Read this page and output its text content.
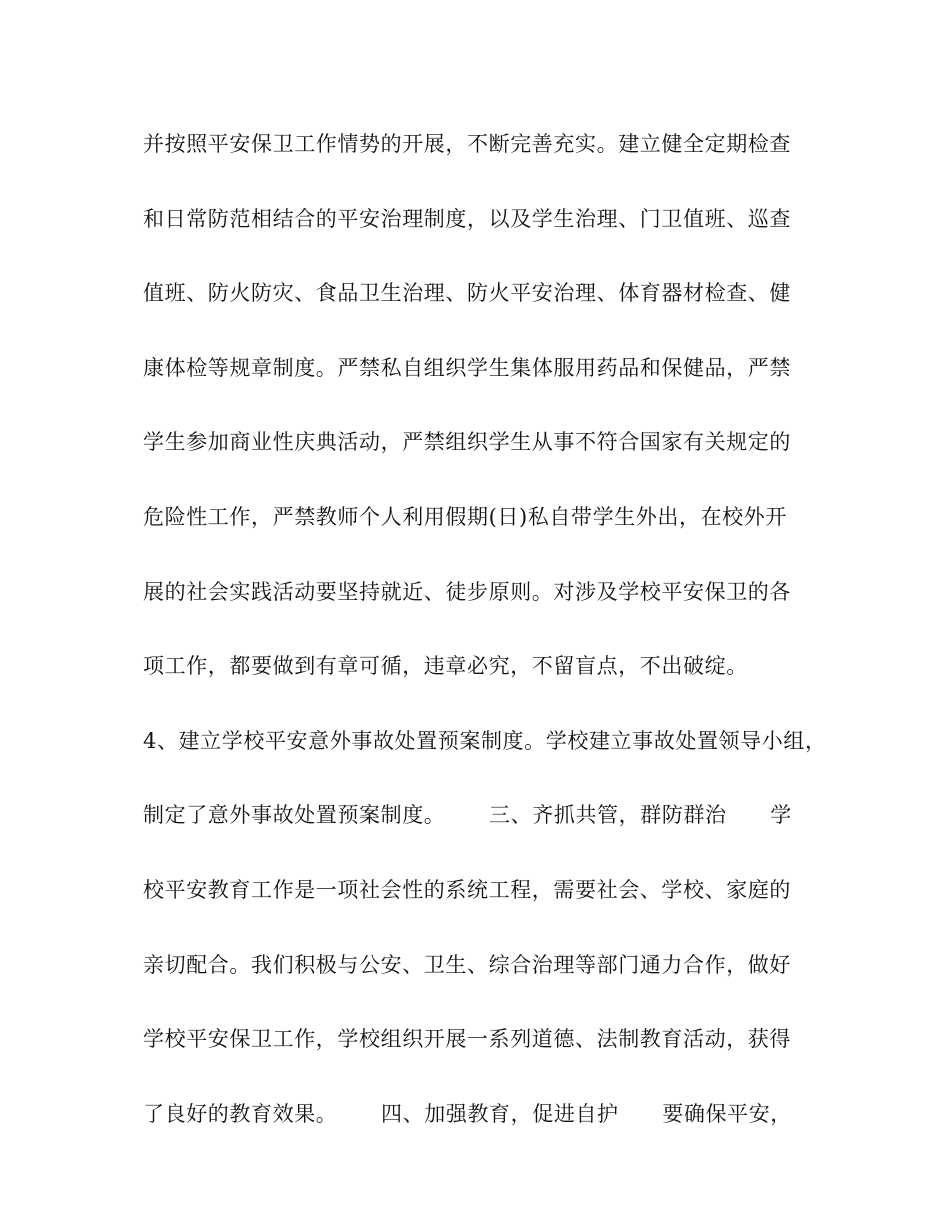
并按照平安保卫工作情势的开展，不断完善充实。建立健全定期检查
和日常防范相结合的平安治理制度，以及学生治理、门卫值班、巡查
值班、防火防灾、食品卫生治理、防火平安治理、体育器材检查、健
康体检等规章制度。严禁私自组织学生集体服用药品和保健品，严禁
学生参加商业性庆典活动，严禁组织学生从事不符合国家有关规定的
危险性工作，严禁教师个人利用假期(日)私自带学生外出，在校外开
展的社会实践活动要坚持就近、徒步原则。对涉及学校平安保卫的各
项工作，都要做到有章可循，违章必究，不留盲点，不出破绽。
4、建立学校平安意外事故处置预案制度。学校建立事故处置领导小组，
制定了意外事故处置预案制度。      三、齐抓共管，群防群治      学
校平安教育工作是一项社会性的系统工程，需要社会、学校、家庭的
亲切配合。我们积极与公安、卫生、综合治理等部门通力合作，做好
学校平安保卫工作，学校组织开展一系列道德、法制教育活动，获得
了良好的教育效果。      四、加强教育，促进自护      要确保平安，
